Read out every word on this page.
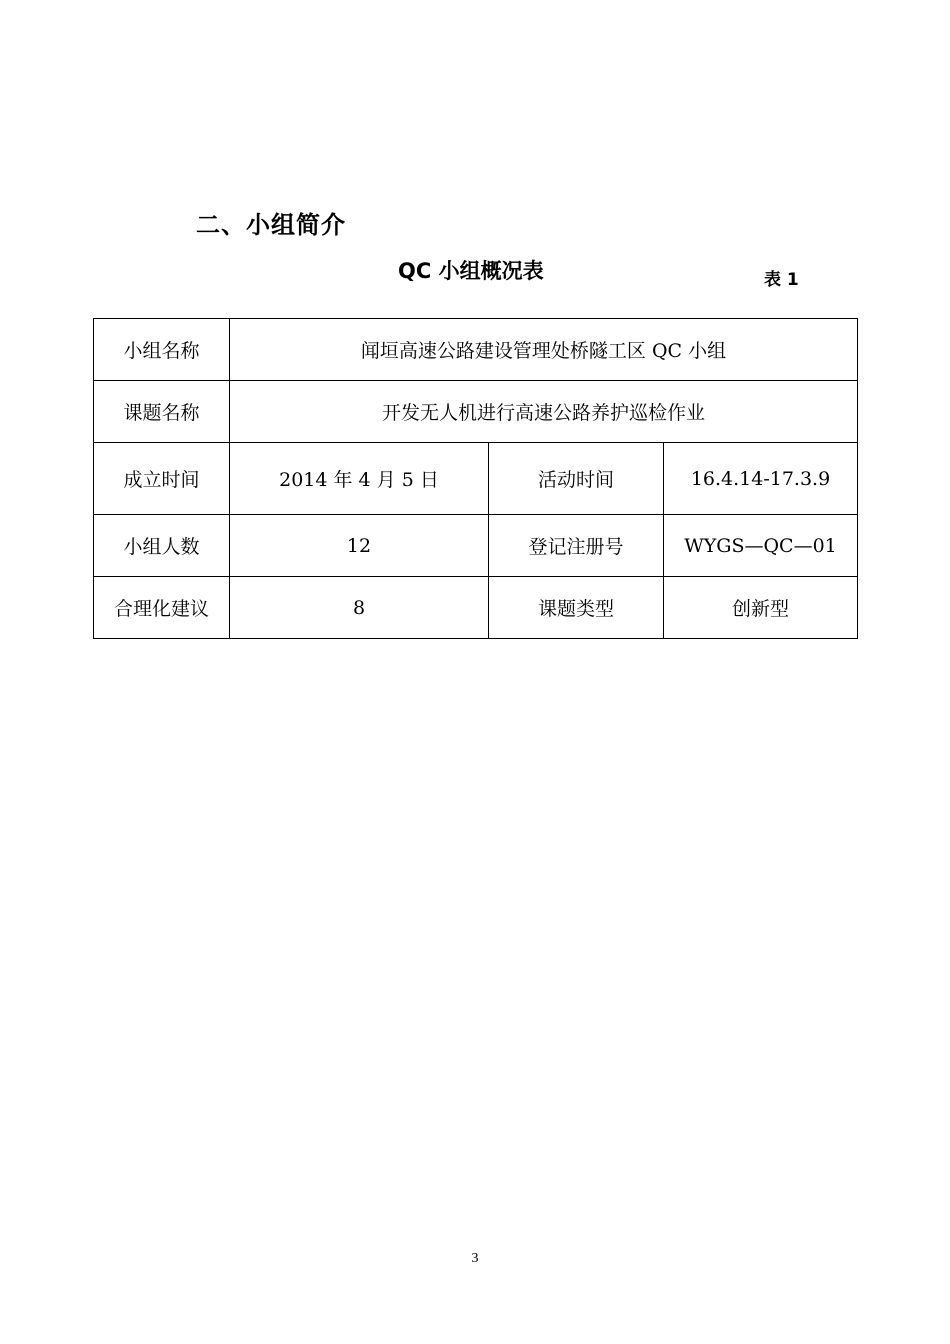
二、小组简介
QC 小组概况表	表 1
小组名称	闻垣高速公路建设管理处桥隧工区 QC 小组		
课题名称	开发无人机进行高速公路养护巡检作业		
成立时间	2014 年 4 月 5 日	活动时间	16.4.14-17.3.9
小组人数	12	登记注册号	WYGS—QC—01
合理化建议	8	课题类型	创新型
3
